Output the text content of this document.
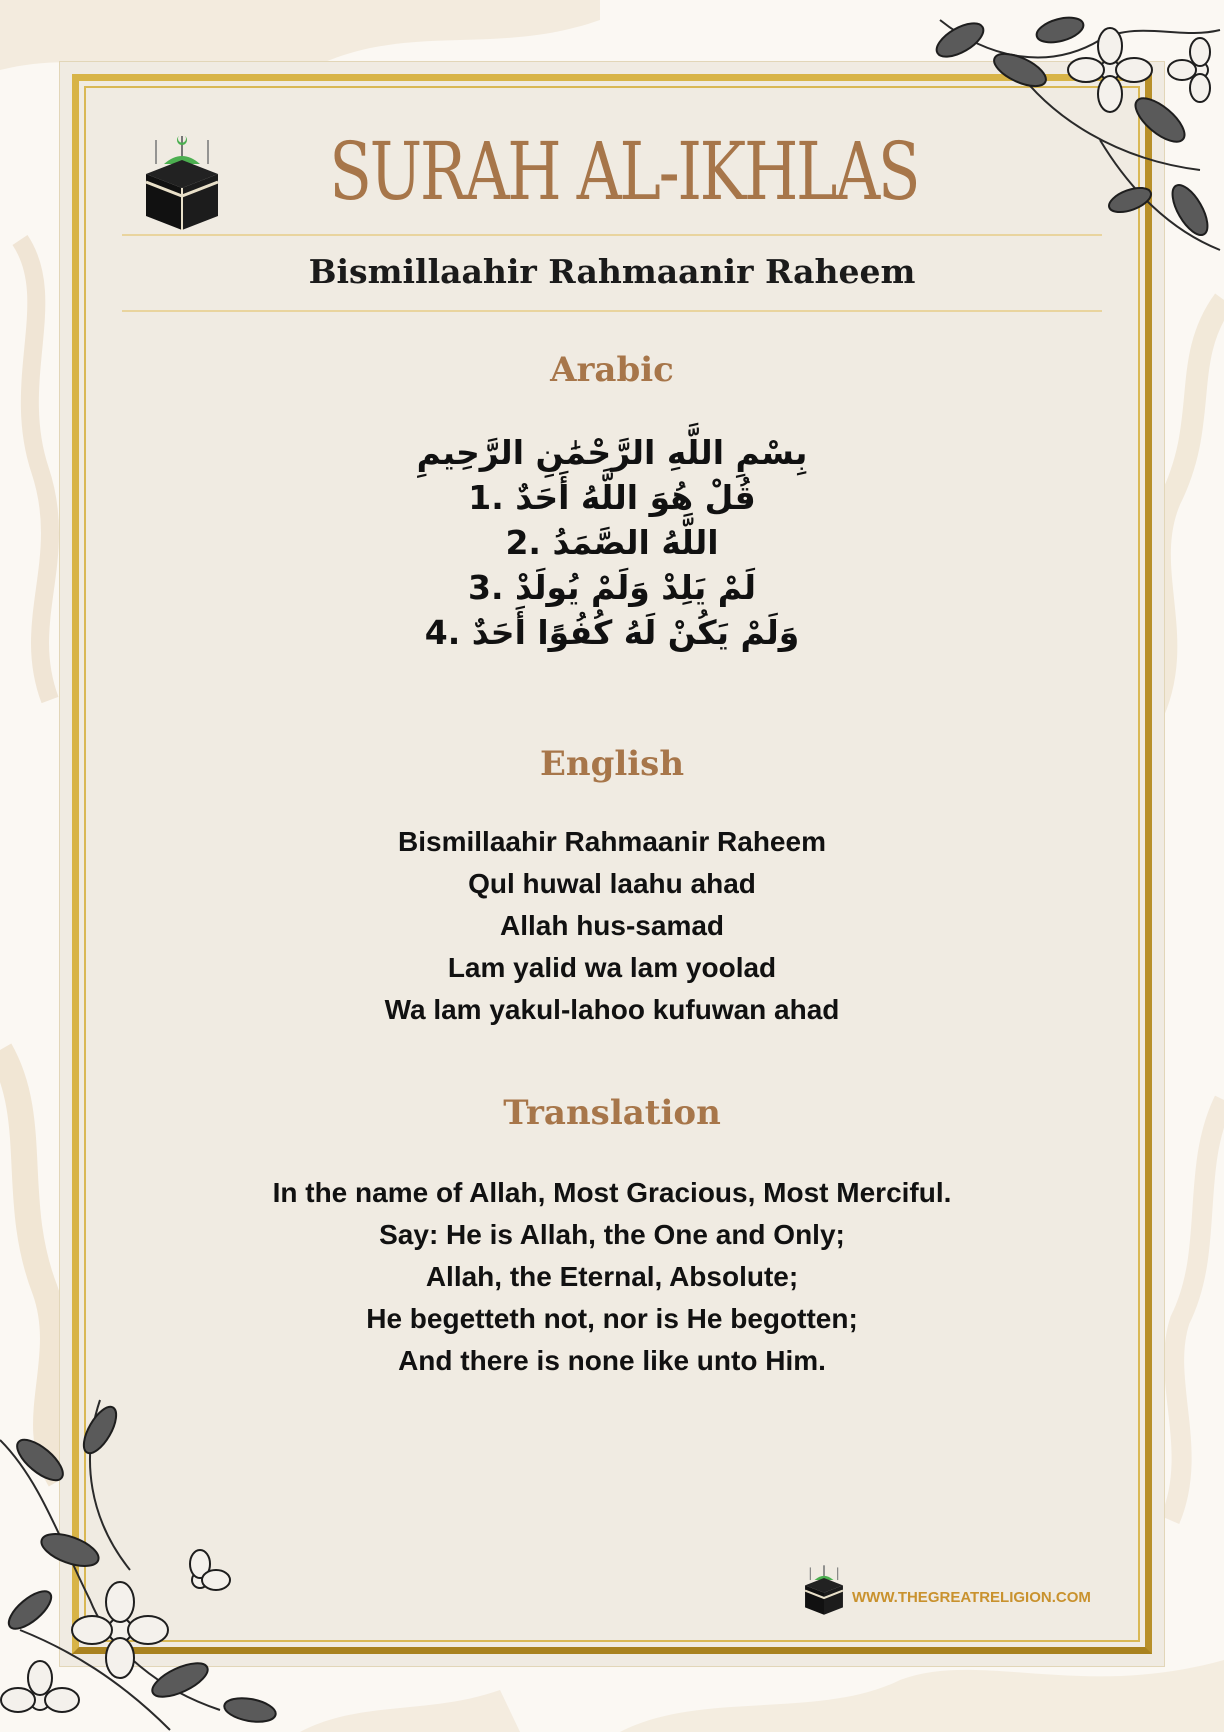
SURAH AL-IKHLAS
Bismillaahir Rahmaanir Raheem
Arabic
بِسْمِ اللَّهِ الرَّحْمَٰنِ الرَّحِيمِ
قُلْ هُوَ اللَّهُ أَحَدٌ .1
اللَّهُ الصَّمَدُ .2
لَمْ يَلِدْ وَلَمْ يُولَدْ .3
وَلَمْ يَكُنْ لَهُ كُفُوًا أَحَدٌ .4
English
Bismillaahir Rahmaanir Raheem
Qul huwal laahu ahad
Allah hus-samad
Lam yalid wa lam yoolad
Wa lam yakul-lahoo kufuwan ahad
Translation
In the name of Allah, Most Gracious, Most Merciful.
Say: He is Allah, the One and Only;
Allah, the Eternal, Absolute;
He begetteth not, nor is He begotten;
And there is none like unto Him.
WWW.THEGREATRELIGION.COM
